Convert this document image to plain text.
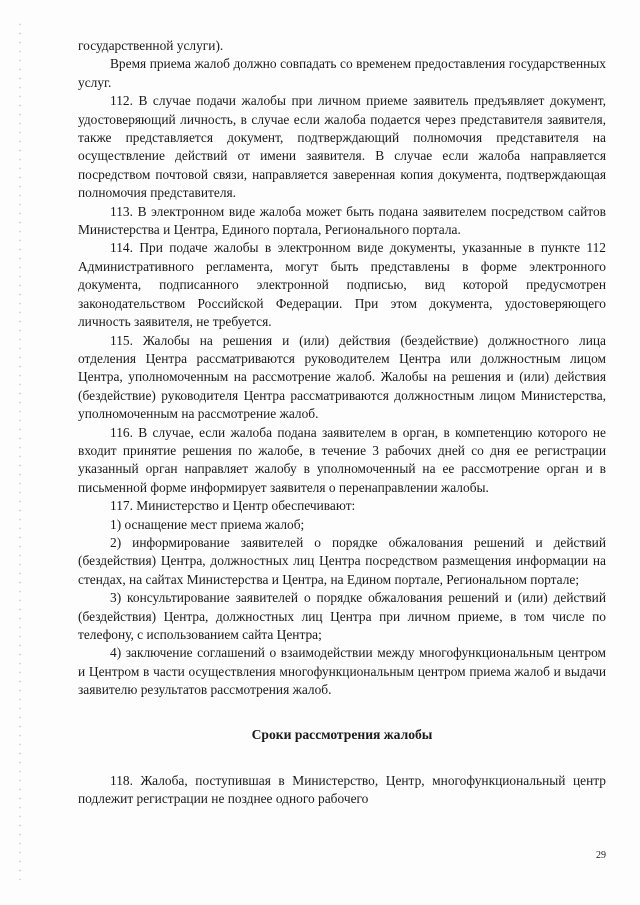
государственной услуги).

Время приема жалоб должно совпадать со временем предоставления государственных услуг.

112. В случае подачи жалобы при личном приеме заявитель предъявляет документ, удостоверяющий личность, в случае если жалоба подается через представителя заявителя, также представляется документ, подтверждающий полномочия представителя на осуществление действий от имени заявителя. В случае если жалоба направляется посредством почтовой связи, направляется заверенная копия документа, подтверждающая полномочия представителя.

113. В электронном виде жалоба может быть подана заявителем посредством сайтов Министерства и Центра, Единого портала, Регионального портала.

114. При подаче жалобы в электронном виде документы, указанные в пункте 112 Административного регламента, могут быть представлены в форме электронного документа, подписанного электронной подписью, вид которой предусмотрен законодательством Российской Федерации. При этом документа, удостоверяющего личность заявителя, не требуется.

115. Жалобы на решения и (или) действия (бездействие) должностного лица отделения Центра рассматриваются руководителем Центра или должностным лицом Центра, уполномоченным на рассмотрение жалоб. Жалобы на решения и (или) действия (бездействие) руководителя Центра рассматриваются должностным лицом Министерства, уполномоченным на рассмотрение жалоб.

116. В случае, если жалоба подана заявителем в орган, в компетенцию которого не входит принятие решения по жалобе, в течение 3 рабочих дней со дня ее регистрации указанный орган направляет жалобу в уполномоченный на ее рассмотрение орган и в письменной форме информирует заявителя о перенаправлении жалобы.

117. Министерство и Центр обеспечивают:

1) оснащение мест приема жалоб;

2) информирование заявителей о порядке обжалования решений и действий (бездействия) Центра, должностных лиц Центра посредством размещения информации на стендах, на сайтах Министерства и Центра, на Едином портале, Региональном портале;

3) консультирование заявителей о порядке обжалования решений и (или) действий (бездействия) Центра, должностных лиц Центра при личном приеме, в том числе по телефону, с использованием сайта Центра;

4) заключение соглашений о взаимодействии между многофункциональным центром и Центром в части осуществления многофункциональным центром приема жалоб и выдачи заявителю результатов рассмотрения жалоб.

Сроки рассмотрения жалобы

118. Жалоба, поступившая в Министерство, Центр, многофункциональный центр подлежит регистрации не позднее одного рабочего

29
